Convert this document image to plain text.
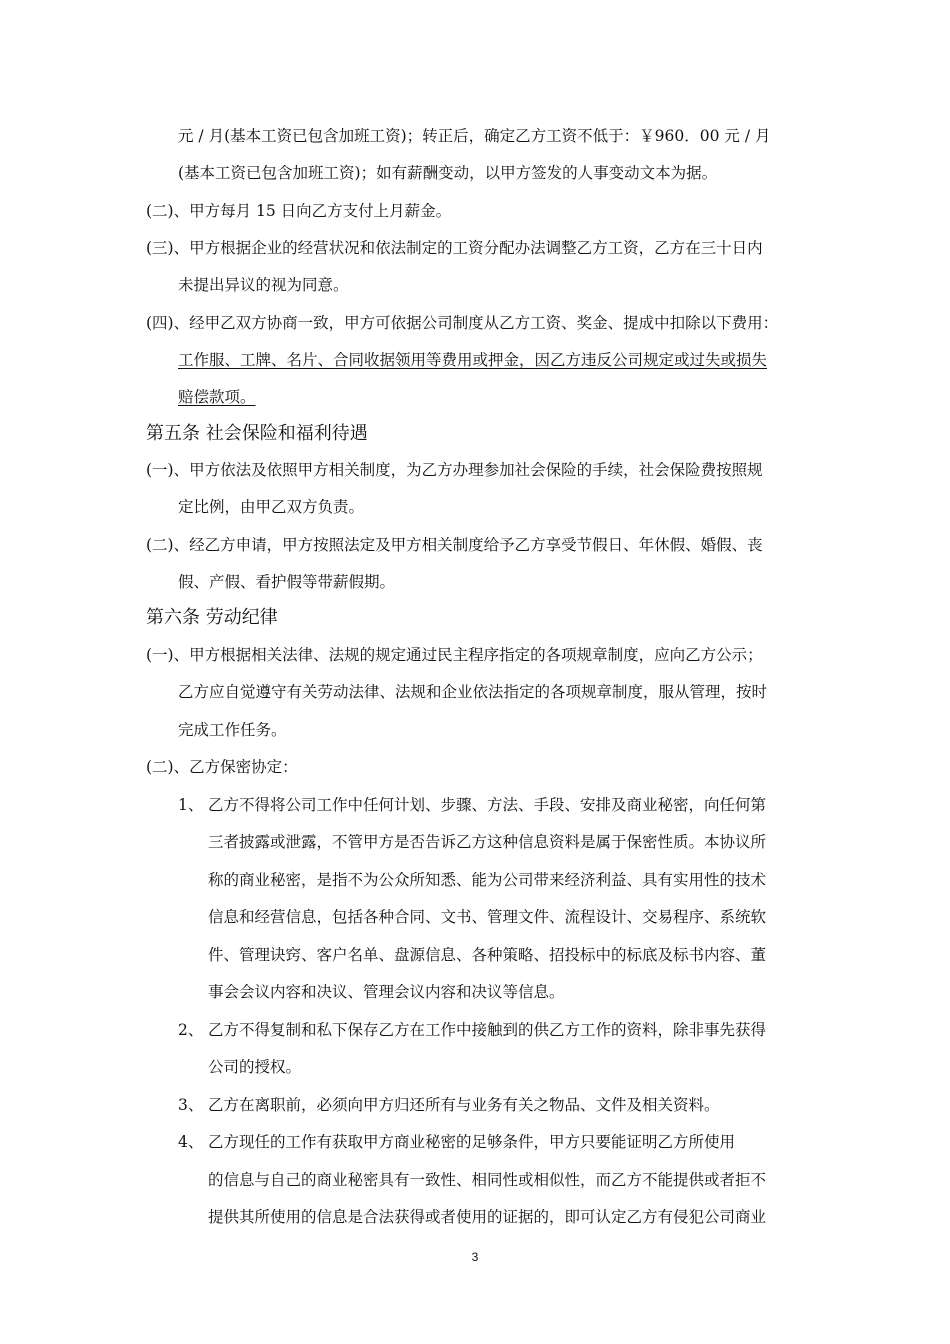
元 / 月(基本工资已包含加班工资)；转正后，确定乙方工资不低于：￥960．00 元 / 月
(基本工资已包含加班工资)；如有薪酬变动，以甲方签发的人事变动文本为据。
(二)、甲方每月 15 日向乙方支付上月薪金。
(三)、甲方根据企业的经营状况和依法制定的工资分配办法调整乙方工资，乙方在三十日内
未提出异议的视为同意。
(四)、经甲乙双方协商一致，甲方可依据公司制度从乙方工资、奖金、提成中扣除以下费用：
工作服、工牌、名片、合同收据领用等费用或押金，因乙方违反公司规定或过失或损失
赔偿款项。
第五条 社会保险和福利待遇
(一)、甲方依法及依照甲方相关制度，为乙方办理参加社会保险的手续，社会保险费按照规
定比例，由甲乙双方负责。
(二)、经乙方申请，甲方按照法定及甲方相关制度给予乙方享受节假日、年休假、婚假、丧
假、产假、看护假等带薪假期。
第六条 劳动纪律
(一)、甲方根据相关法律、法规的规定通过民主程序指定的各项规章制度，应向乙方公示；
乙方应自觉遵守有关劳动法律、法规和企业依法指定的各项规章制度，服从管理，按时
完成工作任务。
(二)、乙方保密协定：
1、 乙方不得将公司工作中任何计划、步骤、方法、手段、安排及商业秘密，向任何第
三者披露或泄露，不管甲方是否告诉乙方这种信息资料是属于保密性质。本协议所
称的商业秘密，是指不为公众所知悉、能为公司带来经济利益、具有实用性的技术
信息和经营信息，包括各种合同、文书、管理文件、流程设计、交易程序、系统软
件、管理诀窍、客户名单、盘源信息、各种策略、招投标中的标底及标书内容、董
事会会议内容和决议、管理会议内容和决议等信息。
2、 乙方不得复制和私下保存乙方在工作中接触到的供乙方工作的资料，除非事先获得
公司的授权。
3、 乙方在离职前，必须向甲方归还所有与业务有关之物品、文件及相关资料。
4、 乙方现任的工作有获取甲方商业秘密的足够条件，甲方只要能证明乙方所使用
的信息与自己的商业秘密具有一致性、相同性或相似性，而乙方不能提供或者拒不
提供其所使用的信息是合法获得或者使用的证据的，即可认定乙方有侵犯公司商业
3
